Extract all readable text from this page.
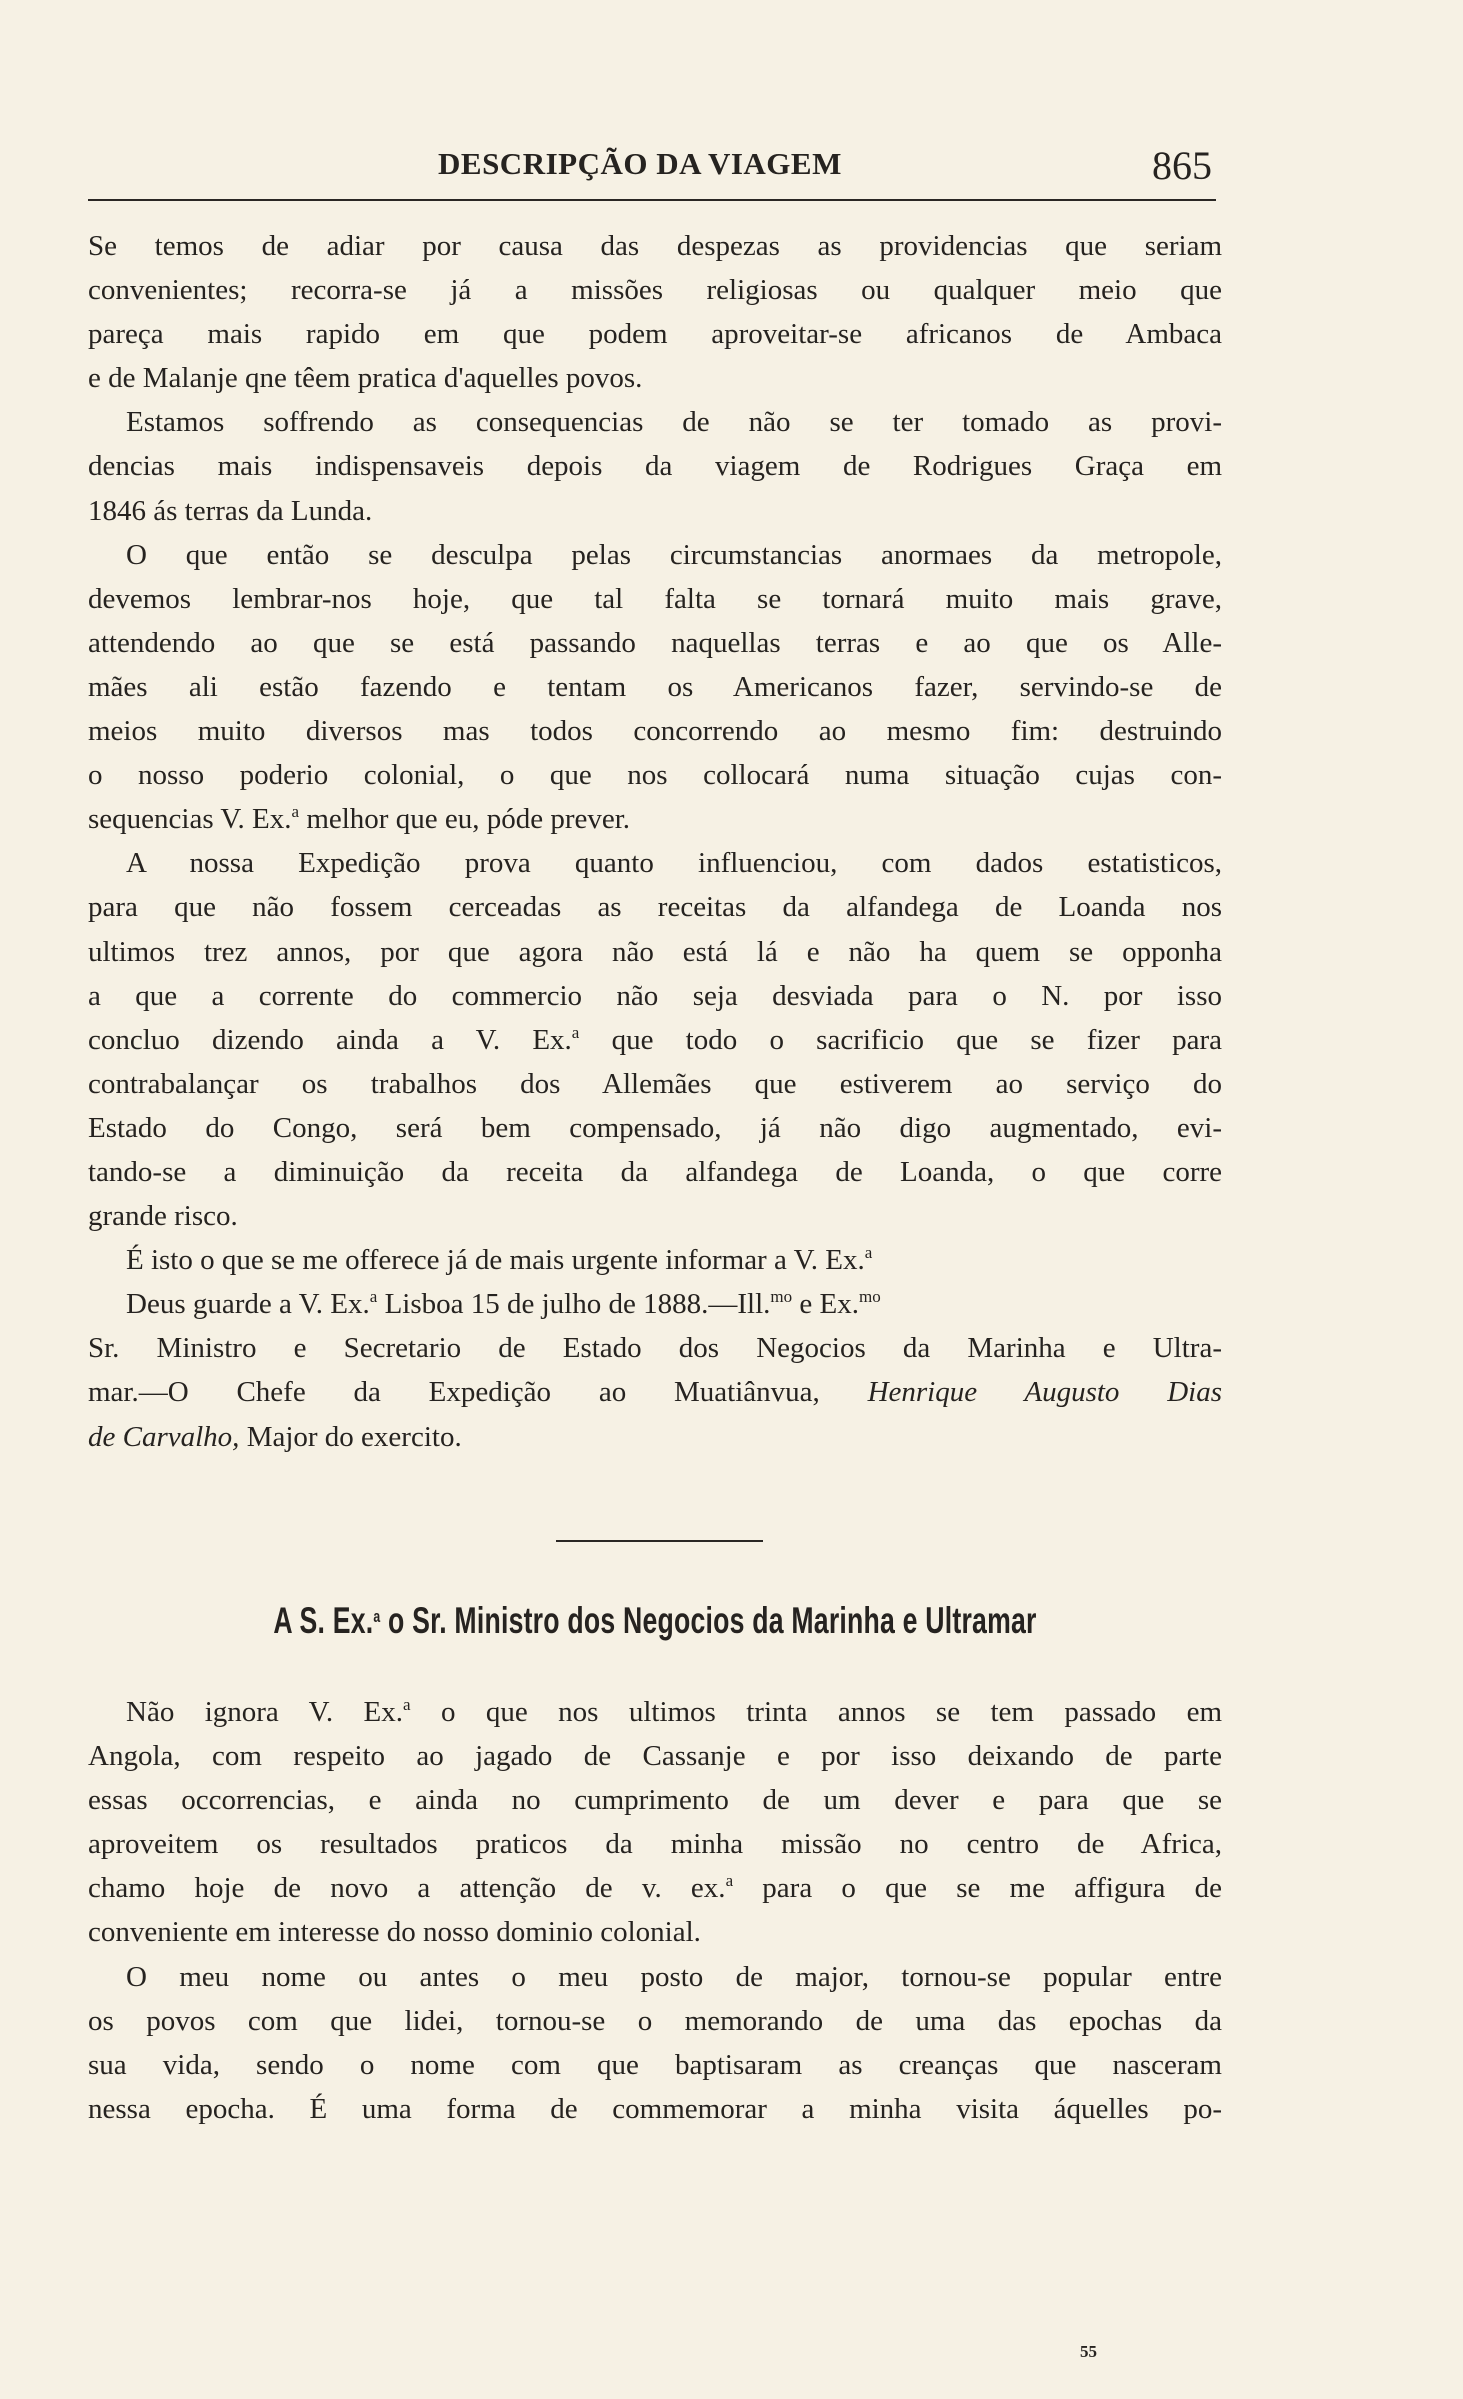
DESCRIPÇÃO DA VIAGEM	865
Se temos de adiar por causa das despezas as providencias que seriam
convenientes; recorra-se já a missões religiosas ou qualquer meio que
pareça mais rapido em que podem aproveitar-se africanos de Ambaca
e de Malanje qne têem pratica d'aquelles povos.
Estamos soffrendo as consequencias de não se ter tomado as provi-
dencias mais indispensaveis depois da viagem de Rodrigues Graça em
1846 ás terras da Lunda.
O que então se desculpa pelas circumstancias anormaes da metropole,
devemos lembrar-nos hoje, que tal falta se tornará muito mais grave,
attendendo ao que se está passando naquellas terras e ao que os Alle-
mães ali estão fazendo e tentam os Americanos fazer, servindo-se de
meios muito diversos mas todos concorrendo ao mesmo fim: destruindo
o nosso poderio colonial, o que nos collocará numa situação cujas con-
sequencias V. Ex.$^a$ melhor que eu, póde prever.
A nossa Expedição prova quanto influenciou, com dados estatisticos,
para que não fossem cerceadas as receitas da alfandega de Loanda nos
ultimos trez annos, por que agora não está lá e não ha quem se opponha
a que a corrente do commercio não seja desviada para o N. por isso
concluo dizendo ainda a V. Ex.$^a$ que todo o sacrificio que se fizer para
contrabalançar os trabalhos dos Allemães que estiverem ao serviço do
Estado do Congo, será bem compensado, já não digo augmentado, evi-
tando-se a diminuição da receita da alfandega de Loanda, o que corre
grande risco.
É isto o que se me offerece já de mais urgente informar a V. Ex.$^a$
Deus guarde a V. Ex.$^a$ Lisboa 15 de julho de 1888.—Ill.$^{mo}$ e Ex.$^{mo}$
Sr. Ministro e Secretario de Estado dos Negocios da Marinha e Ultra-
mar.—O Chefe da Expedição ao Muatiânvua, Henrique Augusto Dias
de Carvalho, Major do exercito.
A S. Ex.$^a$ o Sr. Ministro dos Negocios da Marinha e Ultramar
Não ignora V. Ex.$^a$ o que nos ultimos trinta annos se tem passado em
Angola, com respeito ao jagado de Cassanje e por isso deixando de parte
essas occorrencias, e ainda no cumprimento de um dever e para que se
aproveitem os resultados praticos da minha missão no centro de Africa,
chamo hoje de novo a attenção de v. ex.$^a$ para o que se me affigura de
conveniente em interesse do nosso dominio colonial.
O meu nome ou antes o meu posto de major, tornou-se popular entre
os povos com que lidei, tornou-se o memorando de uma das epochas da
sua vida, sendo o nome com que baptisaram as creanças que nasceram
nessa epocha. É uma forma de commemorar a minha visita áquelles po-
55
